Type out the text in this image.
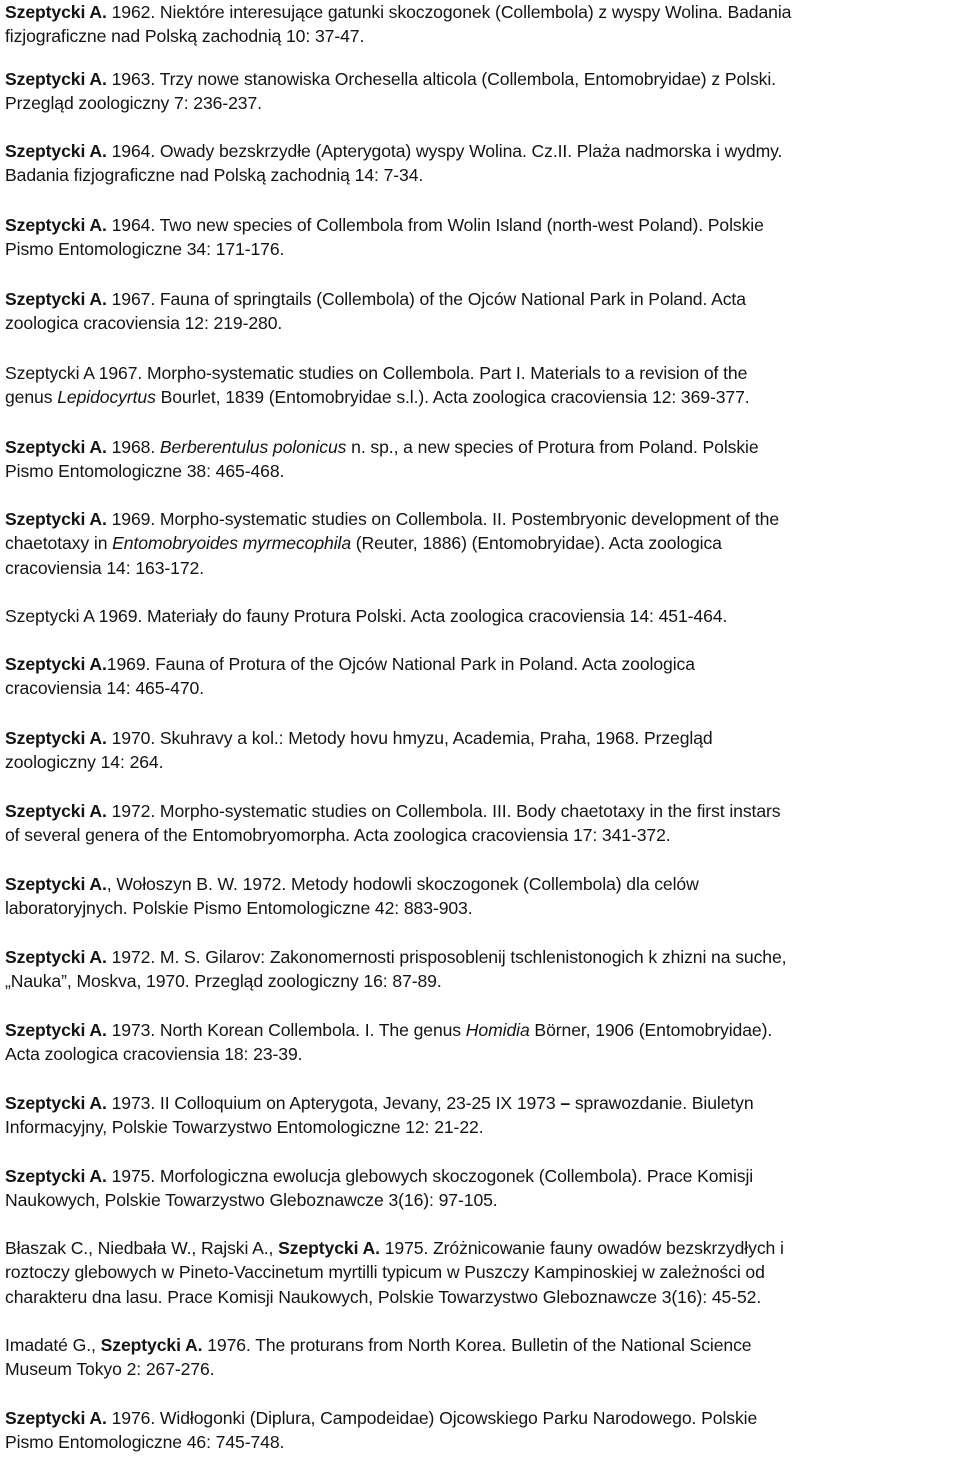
Szeptycki A. 1962. Niektóre interesujące gatunki skoczogonek (Collembola) z wyspy Wolina. Badania
fizjograficzne nad Polską zachodnią 10: 37-47.
Szeptycki A. 1963. Trzy nowe stanowiska Orchesella alticola (Collembola, Entomobryidae) z Polski.
Przegląd zoologiczny 7: 236-237.
Szeptycki A. 1964. Owady bezskrzydłe (Apterygota) wyspy Wolina. Cz.II. Plaża nadmorska i wydmy.
Badania fizjograficzne nad Polską zachodnią 14: 7-34.
Szeptycki A. 1964. Two new species of Collembola from Wolin Island (north-west Poland). Polskie
Pismo Entomologiczne 34: 171-176.
Szeptycki A. 1967. Fauna of springtails (Collembola) of the Ojców National Park in Poland. Acta
zoologica cracoviensia 12: 219-280.
Szeptycki A 1967. Morpho-systematic studies on Collembola. Part I. Materials to a revision of the
genus Lepidocyrtus Bourlet, 1839 (Entomobryidae s.l.). Acta zoologica cracoviensia 12: 369-377.
Szeptycki A. 1968. Berberentulus polonicus n. sp., a new species of Protura from Poland. Polskie
Pismo Entomologiczne 38: 465-468.
Szeptycki A. 1969. Morpho-systematic studies on Collembola. II. Postembryonic development of the
chaetotaxy in Entomobryoides myrmecophila (Reuter, 1886) (Entomobryidae). Acta zoologica
cracoviensia 14: 163-172.
Szeptycki A 1969. Materiały do fauny Protura Polski. Acta zoologica cracoviensia 14: 451-464.
Szeptycki A.1969. Fauna of Protura of the Ojców National Park in Poland. Acta zoologica
cracoviensia 14: 465-470.
Szeptycki A. 1970. Skuhravy a kol.: Metody hovu hmyzu, Academia, Praha, 1968. Przegląd
zoologiczny 14: 264.
Szeptycki A. 1972. Morpho-systematic studies on Collembola. III. Body chaetotaxy in the first instars
of several genera of the Entomobryomorpha. Acta zoologica cracoviensia 17: 341-372.
Szeptycki A., Wołoszyn B. W. 1972. Metody hodowli skoczogonek (Collembola) dla celów
laboratoryjnych. Polskie Pismo Entomologiczne 42: 883-903.
Szeptycki A. 1972. M. S. Gilarov: Zakonomernosti prisposoblenij tschlenistonogich k zhizni na suche,
„Nauka”, Moskva, 1970. Przegląd zoologiczny 16: 87-89.
Szeptycki A. 1973. North Korean Collembola. I. The genus Homidia Börner, 1906 (Entomobryidae).
Acta zoologica cracoviensia 18: 23-39.
Szeptycki A. 1973. II Colloquium on Apterygota, Jevany, 23-25 IX 1973 – sprawozdanie. Biuletyn
Informacyjny, Polskie Towarzystwo Entomologiczne 12: 21-22.
Szeptycki A. 1975. Morfologiczna ewolucja glebowych skoczogonek (Collembola). Prace Komisji
Naukowych, Polskie Towarzystwo Gleboznawcze 3(16): 97-105.
Błaszak C., Niedbała W., Rajski A., Szeptycki A. 1975. Zróżnicowanie fauny owadów bezskrzydłych i
roztoczy glebowych w Pineto-Vaccinetum myrtilli typicum w Puszczy Kampinoskiej w zależności od
charakteru dna lasu. Prace Komisji Naukowych, Polskie Towarzystwo Gleboznawcze 3(16): 45-52.
Imadaté G., Szeptycki A. 1976. The proturans from North Korea. Bulletin of the National Science
Museum Tokyo 2: 267-276.
Szeptycki A. 1976. Widłogonki (Diplura, Campodeidae) Ojcowskiego Parku Narodowego. Polskie
Pismo Entomologiczne 46: 745-748.
